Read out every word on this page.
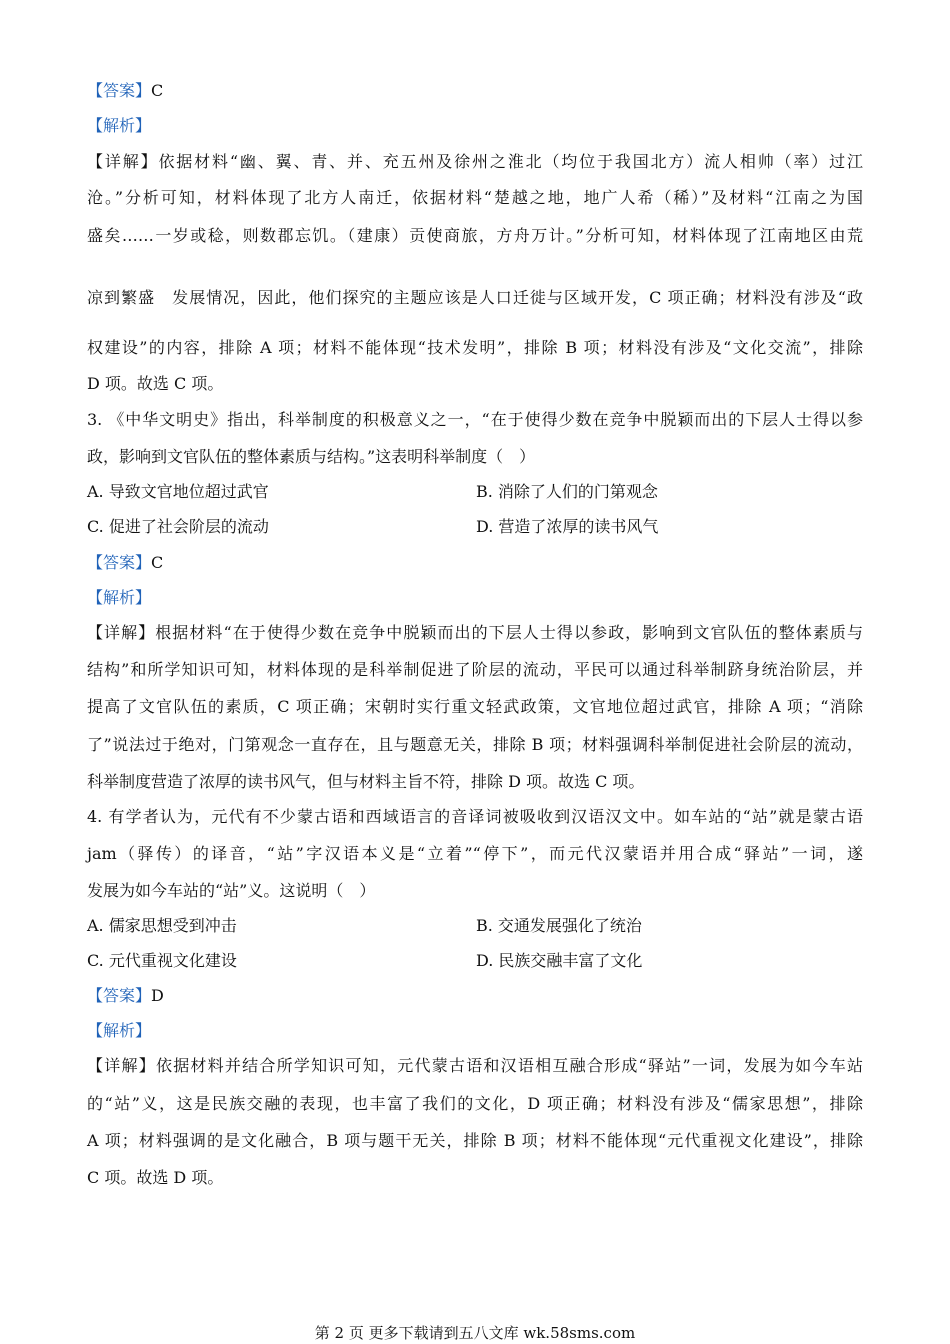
【答案】C
【解析】
【详解】依据材料“幽、翼、青、并、充五州及徐州之淮北（均位于我国北方）流人相帅（率）过江
沧。”分析可知，材料体现了北方人南迁，依据材料“楚越之地，地广人希（稀）”及材料“江南之为国
盛矣……一岁或稔，则数郡忘饥。（建康）贡使商旅，方舟万计。”分析可知，材料体现了江南地区由荒
凉到繁盛　发展情况，因此，他们探究的主题应该是人口迁徙与区域开发，C 项正确；材料没有涉及“政
权建设”的内容，排除 A 项；材料不能体现“技术发明”，排除 B 项；材料没有涉及“文化交流”，排除
D 项。故选 C 项。
3. 《中华文明史》指出，科举制度的积极意义之一，“在于使得少数在竞争中脱颖而出的下层人士得以参
政，影响到文官队伍的整体素质与结构。”这表明科举制度（　）
A. 导致文官地位超过武官	B. 消除了人们的门第观念
C. 促进了社会阶层的流动	D. 营造了浓厚的读书风气
【答案】C
【解析】
【详解】根据材料“在于使得少数在竞争中脱颖而出的下层人士得以参政，影响到文官队伍的整体素质与
结构”和所学知识可知，材料体现的是科举制促进了阶层的流动，平民可以通过科举制跻身统治阶层，并
提高了文官队伍的素质，C 项正确；宋朝时实行重文轻武政策，文官地位超过武官，排除 A 项；“消除
了”说法过于绝对，门第观念一直存在，且与题意无关，排除 B 项；材料强调科举制促进社会阶层的流动，
科举制度营造了浓厚的读书风气，但与材料主旨不符，排除 D 项。故选 C 项。
4. 有学者认为，元代有不少蒙古语和西域语言的音译词被吸收到汉语汉文中。如车站的“站”就是蒙古语
jam（驿传）的译音，“站”字汉语本义是“立着”“停下”，而元代汉蒙语并用合成“驿站”一词，遂
发展为如今车站的“站”义。这说明（　）
A. 儒家思想受到冲击	B. 交通发展强化了统治
C. 元代重视文化建设	D. 民族交融丰富了文化
【答案】D
【解析】
【详解】依据材料并结合所学知识可知，元代蒙古语和汉语相互融合形成“驿站”一词，发展为如今车站
的“站”义，这是民族交融的表现，也丰富了我们的文化，D 项正确；材料没有涉及“儒家思想”，排除
A 项；材料强调的是文化融合，B 项与题干无关，排除 B 项；材料不能体现“元代重视文化建设”，排除
C 项。故选 D 项。
第 2 页 更多下载请到五八文库 wk.58sms.com
